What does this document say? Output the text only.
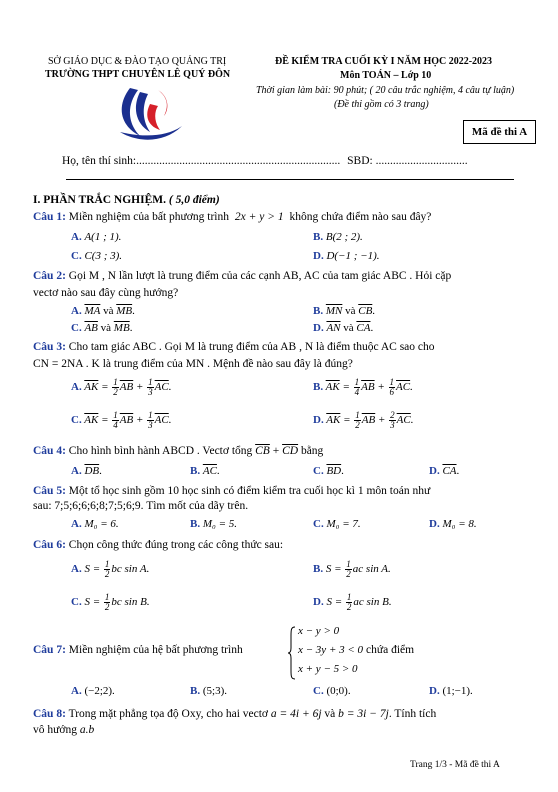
SỞ GIÁO DỤC & ĐÀO TẠO QUẢNG TRỊ
TRƯỜNG THPT CHUYÊN LÊ QUÝ ĐÔN
ĐỀ KIỂM TRA CUỐI KỲ I NĂM HỌC 2022-2023
Môn TOÁN – Lớp 10
Thời gian làm bài: 90 phút; ( 20 câu trắc nghiệm, 4 câu tự luận)
(Đề thi gồm có 3 trang)
Mã đề thi A
Họ, tên thí sinh:....................................................................... SBD: ................................
I. PHẦN TRẮC NGHIỆM. ( 5,0 điểm)
Câu 1: Miền nghiệm của bất phương trình 2x + y > 1 không chứa điểm nào sau đây?
A. A(1 ; 1).	B. B(2 ; 2).
C. C(3 ; 3).	D. D(−1 ; −1).
Câu 2: Gọi M , N lần lượt là trung điểm của các cạnh AB, AC của tam giác ABC . Hỏi cặp
vectơ nào sau đây cùng hướng?
A. $\overline{MA}$ và $\overline{MB}$.	B. $\overline{MN}$ và $\overline{CB}$.
C. $\overline{AB}$ và $\overline{MB}$.	D. $\overline{AN}$ và $\overline{CA}$.
Câu 3: Cho tam giác ABC . Gọi M là trung điểm của AB , N là điểm thuộc AC sao cho
CN = 2NA . K là trung điểm của MN . Mệnh đề nào sau đây là đúng?
A. $\overline{AK} = \frac{1}{2} \overline{AB} + \frac{1}{3} \overline{AC}$.	B. $\overline{AK} = \frac{1}{4} \overline{AB} + \frac{1}{6} \overline{AC}$.
C. $\overline{AK} = \frac{1}{4} \overline{AB} + \frac{1}{3} \overline{AC}$.	D. $\overline{AK} = \frac{1}{2} \overline{AB} + \frac{2}{3} \overline{AC}$.
Câu 4: Cho hình bình hành ABCD . Vectơ tổng $\overline{CB} + \overline{CD}$ bằng
A. $\overline{DB}$.	B. $\overline{AC}$.	C. $\overline{BD}$.	D. $\overline{CA}$.
Câu 5: Một tổ học sinh gồm 10 học sinh có điểm kiểm tra cuối học kì 1 môn toán như
sau: 7;5;6;6;6;8;7;5;6;9. Tìm mốt của dãy trên.
A. M₀ = 6.	B. M₀ = 5.	C. M₀ = 7.	D. M₀ = 8.
Câu 6: Chọn công thức đúng trong các công thức sau:
A. $S = \frac{1}{2}$ bc sin A.	B. $S = \frac{1}{2}$ ac sin A.
C. $S = \frac{1}{2}$ bc sin B.	D. $S = \frac{1}{2}$ ac sin B.
Câu 7: Miền nghiệm của hệ bất phương trình
x − y > 0
x − 3y + 3 < 0 chứa điểm
x + y − 5 > 0
A. (−2;2).	B. (5;3).	C. (0;0).	D. (1;−1).
Câu 8: Trong mặt phẳng tọa độ Oxy, cho hai vectơ a = 4i + 6j và b = 3i − 7j. Tính tích
vô hướng a.b
Trang 1/3 - Mã đề thi A
